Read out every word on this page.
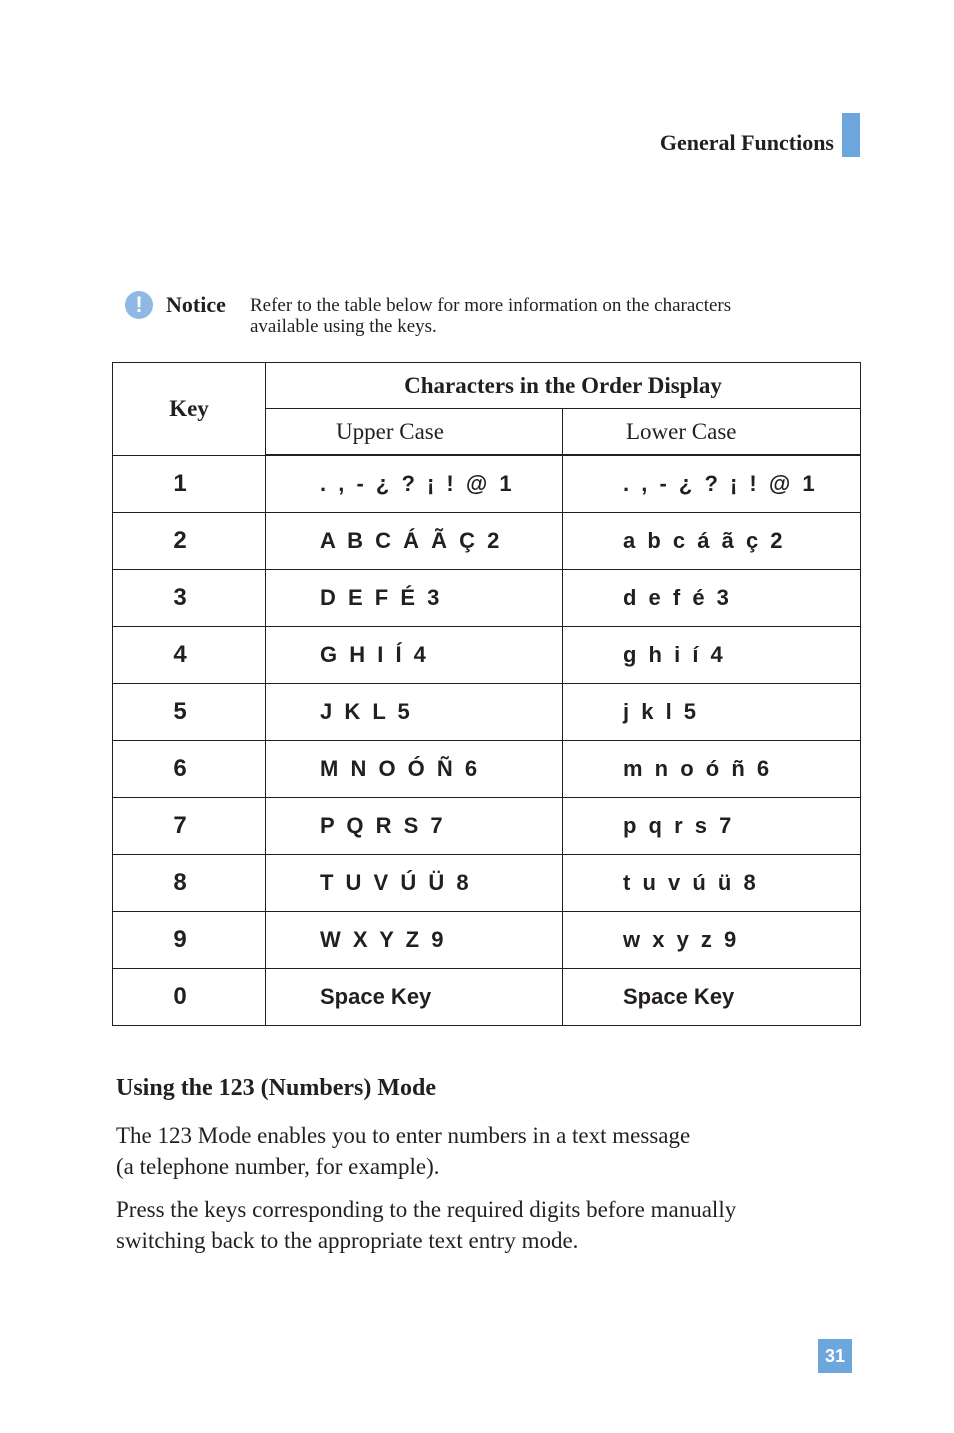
General Functions
!	Notice Refer to the table below for more information on the characters
available using the keys.
Key	Characters in the Order Display	
	Upper Case	Lower Case
1	. , - ¿ ? ¡ ! @ 1	. , - ¿ ? ¡ ! @ 1
2	A B C Á Ã Ç 2	a b c á ã ç 2
3	D E F É 3	d e f é 3
4	G H I Í 4	g h i í 4
5	J K L 5	j k l 5
6	M N O Ó Ñ 6	m n o ó ñ 6
7	P Q R S 7	p q r s 7
8	T U V Ú Ü 8	t u v ú ü 8
9	W X Y Z 9	w x y z 9
0	Space Key	Space Key
Using the 123 (Numbers) Mode
The 123 Mode enables you to enter numbers in a text message
(a telephone number, for example).
Press the keys corresponding to the required digits before manually
switching back to the appropriate text entry mode.
31
